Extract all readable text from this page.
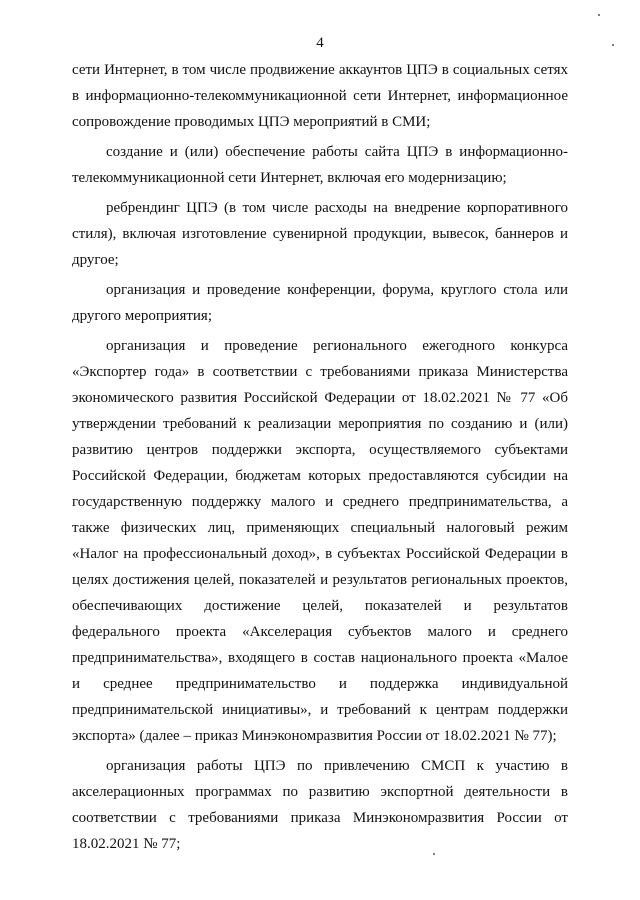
4

сети Интернет, в том числе продвижение аккаунтов ЦПЭ в социальных сетях в информационно-телекоммуникационной сети Интернет, информационное сопровождение проводимых ЦПЭ мероприятий в СМИ;

создание и (или) обеспечение работы сайта ЦПЭ в информационно-телекоммуникационной сети Интернет, включая его модернизацию;

ребрендинг ЦПЭ (в том числе расходы на внедрение корпоративного стиля), включая изготовление сувенирной продукции, вывесок, баннеров и другое;

организация и проведение конференции, форума, круглого стола или другого мероприятия;

организация и проведение регионального ежегодного конкурса «Экспортер года» в соответствии с требованиями приказа Министерства экономического развития Российской Федерации от 18.02.2021 № 77 «Об утверждении требований к реализации мероприятия по созданию и (или) развитию центров поддержки экспорта, осуществляемого субъектами Российской Федерации, бюджетам которых предоставляются субсидии на государственную поддержку малого и среднего предпринимательства, а также физических лиц, применяющих специальный налоговый режим «Налог на профессиональный доход», в субъектах Российской Федерации в целях достижения целей, показателей и результатов региональных проектов, обеспечивающих достижение целей, показателей и результатов федерального проекта «Акселерация субъектов малого и среднего предпринимательства», входящего в состав национального проекта «Малое и среднее предпринимательство и поддержка индивидуальной предпринимательской инициативы», и требований к центрам поддержки экспорта» (далее – приказ Минэкономразвития России от 18.02.2021 № 77);

организация работы ЦПЭ по привлечению СМСП к участию в акселерационных программах по развитию экспортной деятельности в соответствии с требованиями приказа Минэкономразвития России от 18.02.2021 № 77;
